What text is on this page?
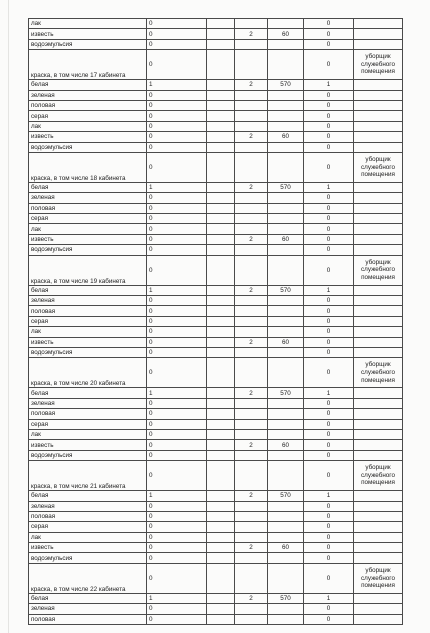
лак	0				0	
известь	0		2	60	0	
водоэмульсия	0				0	
краска, в том числе 17 кабинета	0				0	уборщик служебного помещения
белая	1		2	570	1	
зеленая	0				0	
половая	0				0	
серая	0				0	
лак	0				0	
известь	0		2	60	0	
водоэмульсия	0				0	
краска, в том числе 18 кабинета	0				0	уборщик служебного помещения
белая	1		2	570	1	
зеленая	0				0	
половая	0				0	
серая	0				0	
лак	0				0	
известь	0		2	60	0	
водоэмульсия	0				0	
краска, в том числе 19 кабинета	0				0	уборщик служебного помещения
белая	1		2	570	1	
зеленая	0				0	
половая	0				0	
серая	0				0	
лак	0				0	
известь	0		2	60	0	
водоэмульсия	0				0	
краска, в том числе 20 кабинета	0				0	уборщик служебного помещения
белая	1		2	570	1	
зеленая	0				0	
половая	0				0	
серая	0				0	
лак	0				0	
известь	0		2	60	0	
водоэмульсия	0				0	
краска, в том числе 21 кабинета	0				0	уборщик служебного помещения
белая	1		2	570	1	
зеленая	0				0	
половая	0				0	
серая	0				0	
лак	0				0	
известь	0		2	60	0	
водоэмульсия	0				0	
краска, в том числе 22 кабинета	0				0	уборщик служебного помещения
белая	1		2	570	1	
зеленая	0				0	
половая	0				0	
